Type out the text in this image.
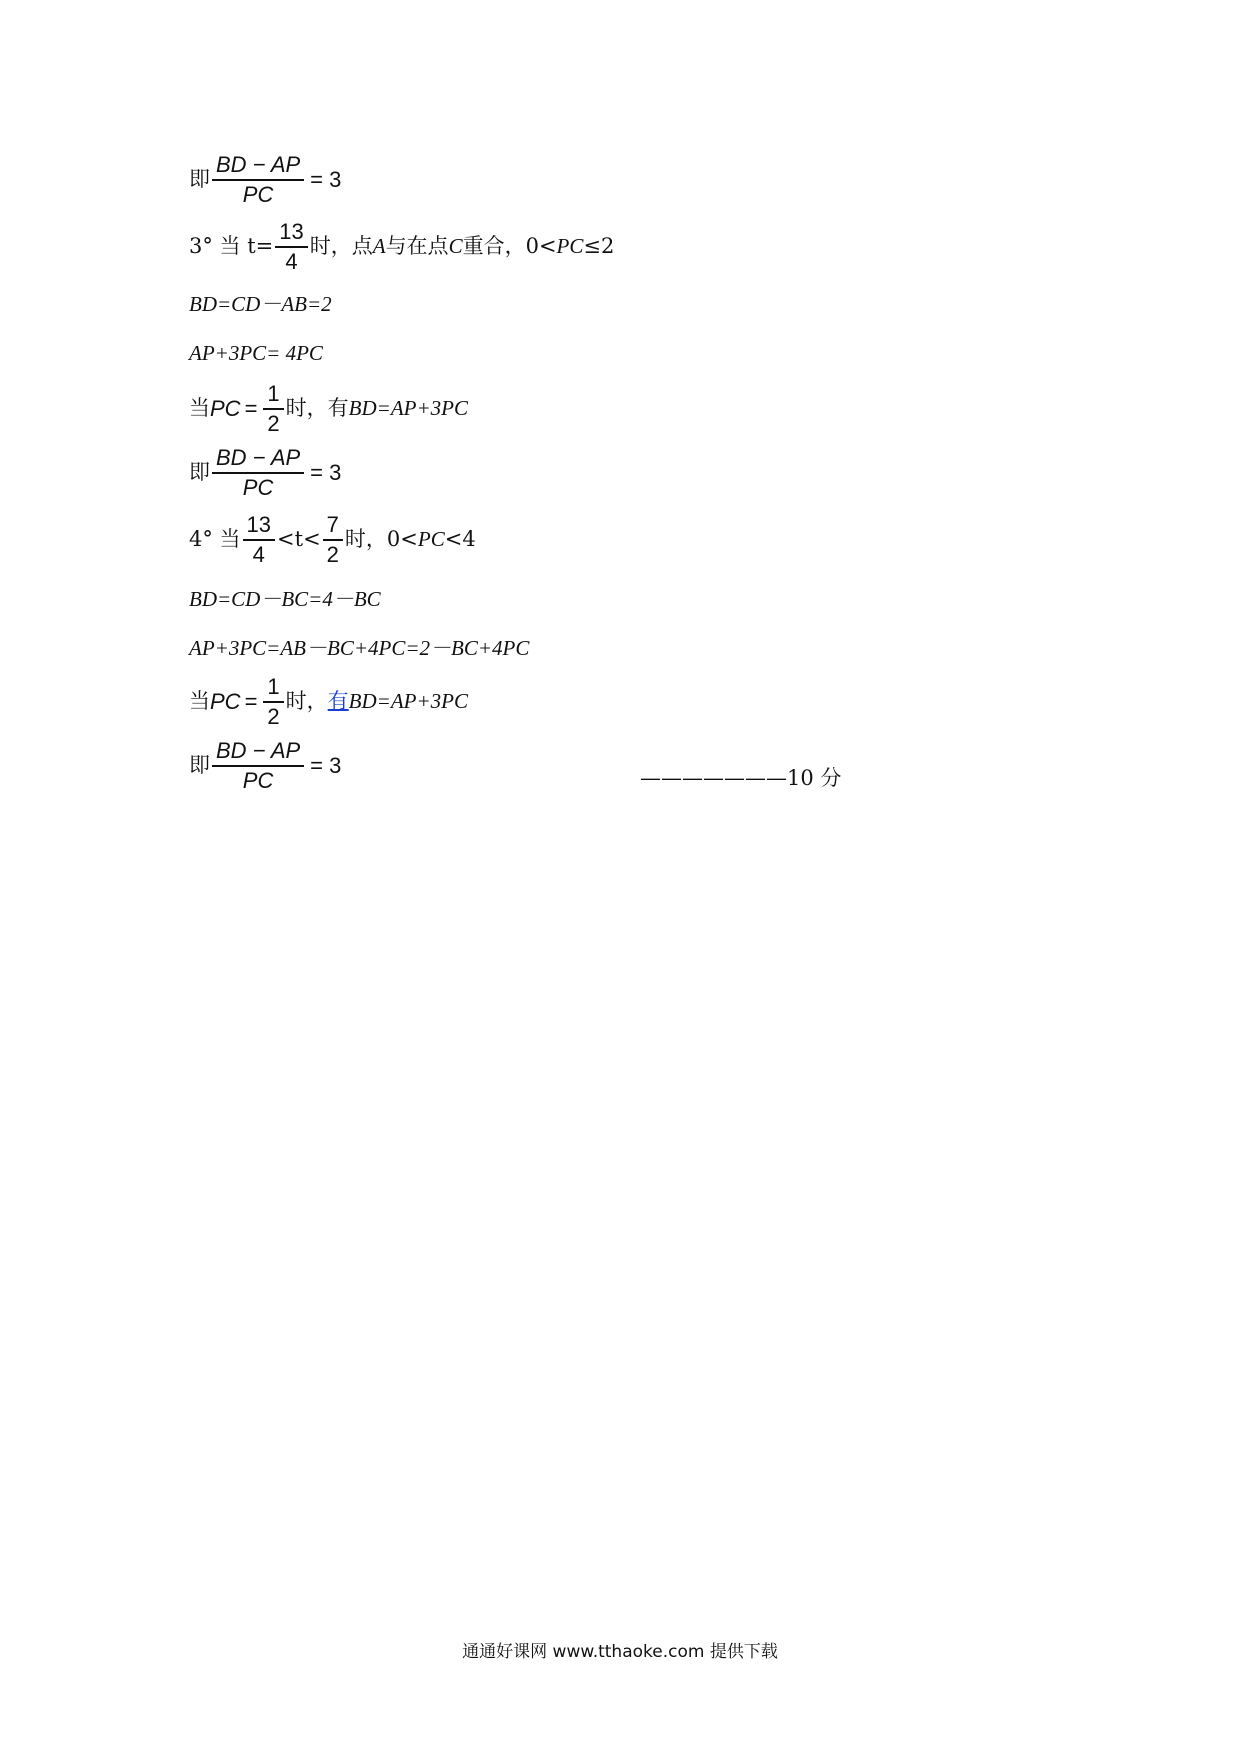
即 $\frac{BD - AP}{PC} = 3$
3° 当 $t= \frac{13}{4}$ 时，点 A 与在点 C 重合，0< PC ≤2
BD=CD－AB=2
AP+3PC= 4PC
当 PC = $\frac{1}{2}$ 时，有 BD=AP+3PC
即 $\frac{BD - AP}{PC} = 3$
4° 当 $\frac{13}{4} <t< \frac{7}{2}$ 时，0< PC <4
BD=CD－BC=4－BC
AP+3PC=AB－BC+4PC=2－BC+4PC
当 PC = $\frac{1}{2}$ 时， 有 BD=AP+3PC
即 $\frac{BD - AP}{PC} = 3$
———————10 分
通通好课网 www.tthaoke.com 提供下载
